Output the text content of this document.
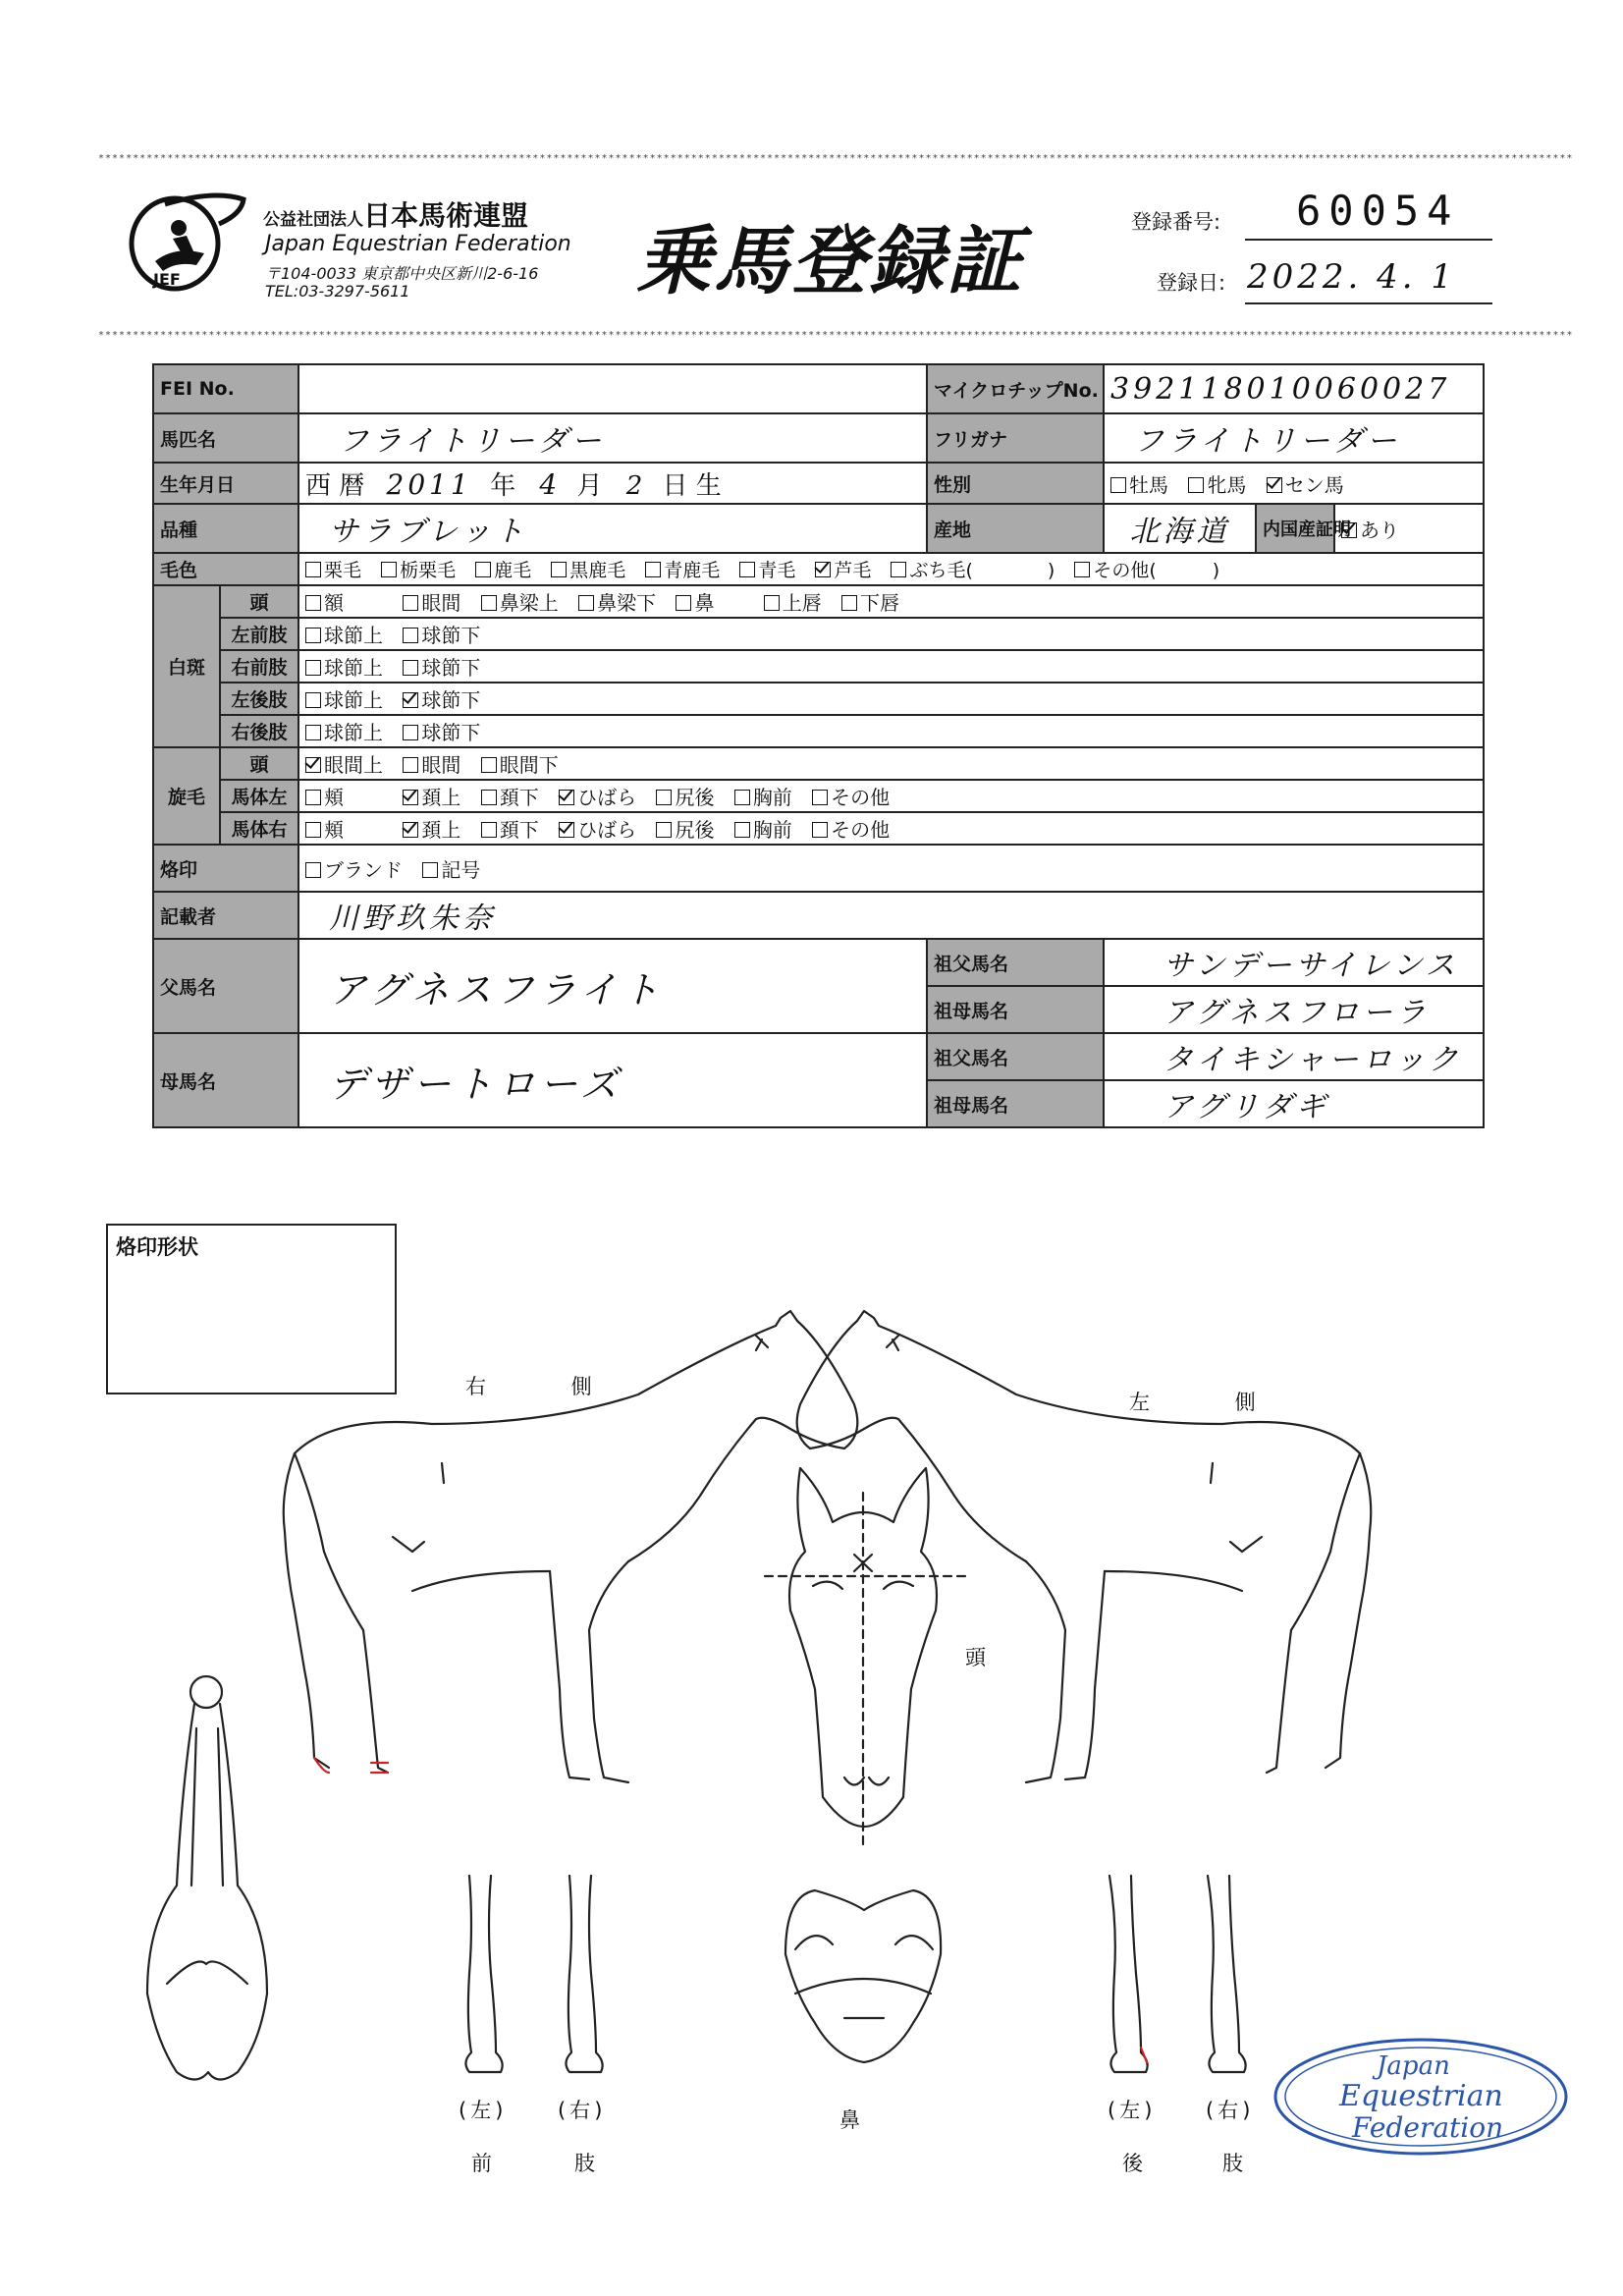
**********************************************************************************************************************************************************************************************************************
**********************************************************************************************************************************************************************************************************************
JEF
公益社団法人日本馬術連盟
Japan Equestrian Federation
〒104-0033 東京都中央区新川2-6-16
TEL:03-3297-5611	乗馬登録証	登録番号: 60054
登録日: 2022. 4. 1
FEI No.			マイクロチップNo.	392118010060027		
馬匹名		フライトリーダー	フリガナ	フライトリーダー		
生年月日		西 暦 2011 年 4 月 2 日 生	性別	牡馬 牝馬 セン馬		
品種		サラブレット	産地	北海道	内国産証明	あり
毛色		栗毛 栃栗毛 鹿毛 黒鹿毛 青鹿毛 青毛 芦毛 ぶち毛(　　　　) その他(　　　)				
白斑	頭	額 眼間 鼻梁上 鼻梁下 鼻 上唇 下唇				
	左前肢	球節上 球節下				
	右前肢	球節上 球節下				
	左後肢	球節上 球節下				
	右後肢	球節上 球節下				
旋毛	頭	眼間上 眼間 眼間下				
	馬体左	頬 頚上 頚下 ひばら 尻後 胸前 その他				
	馬体右	頬 頚上 頚下 ひばら 尻後 胸前 その他				
烙印		ブランド 記号				
記載者		川野玖朱奈				
父馬名		アグネスフライト	祖父馬名	サンデーサイレンス		
			祖母馬名	アグネスフローラ		
母馬名		デザートローズ	祖父馬名	タイキシャーロック		
			祖母馬名	アグリダギ		
烙印形状
右 側
左 側
頭
鼻
(左) (右)
前	肢
(左) (右)
後	肢
Japan
Equestrian
Federation
